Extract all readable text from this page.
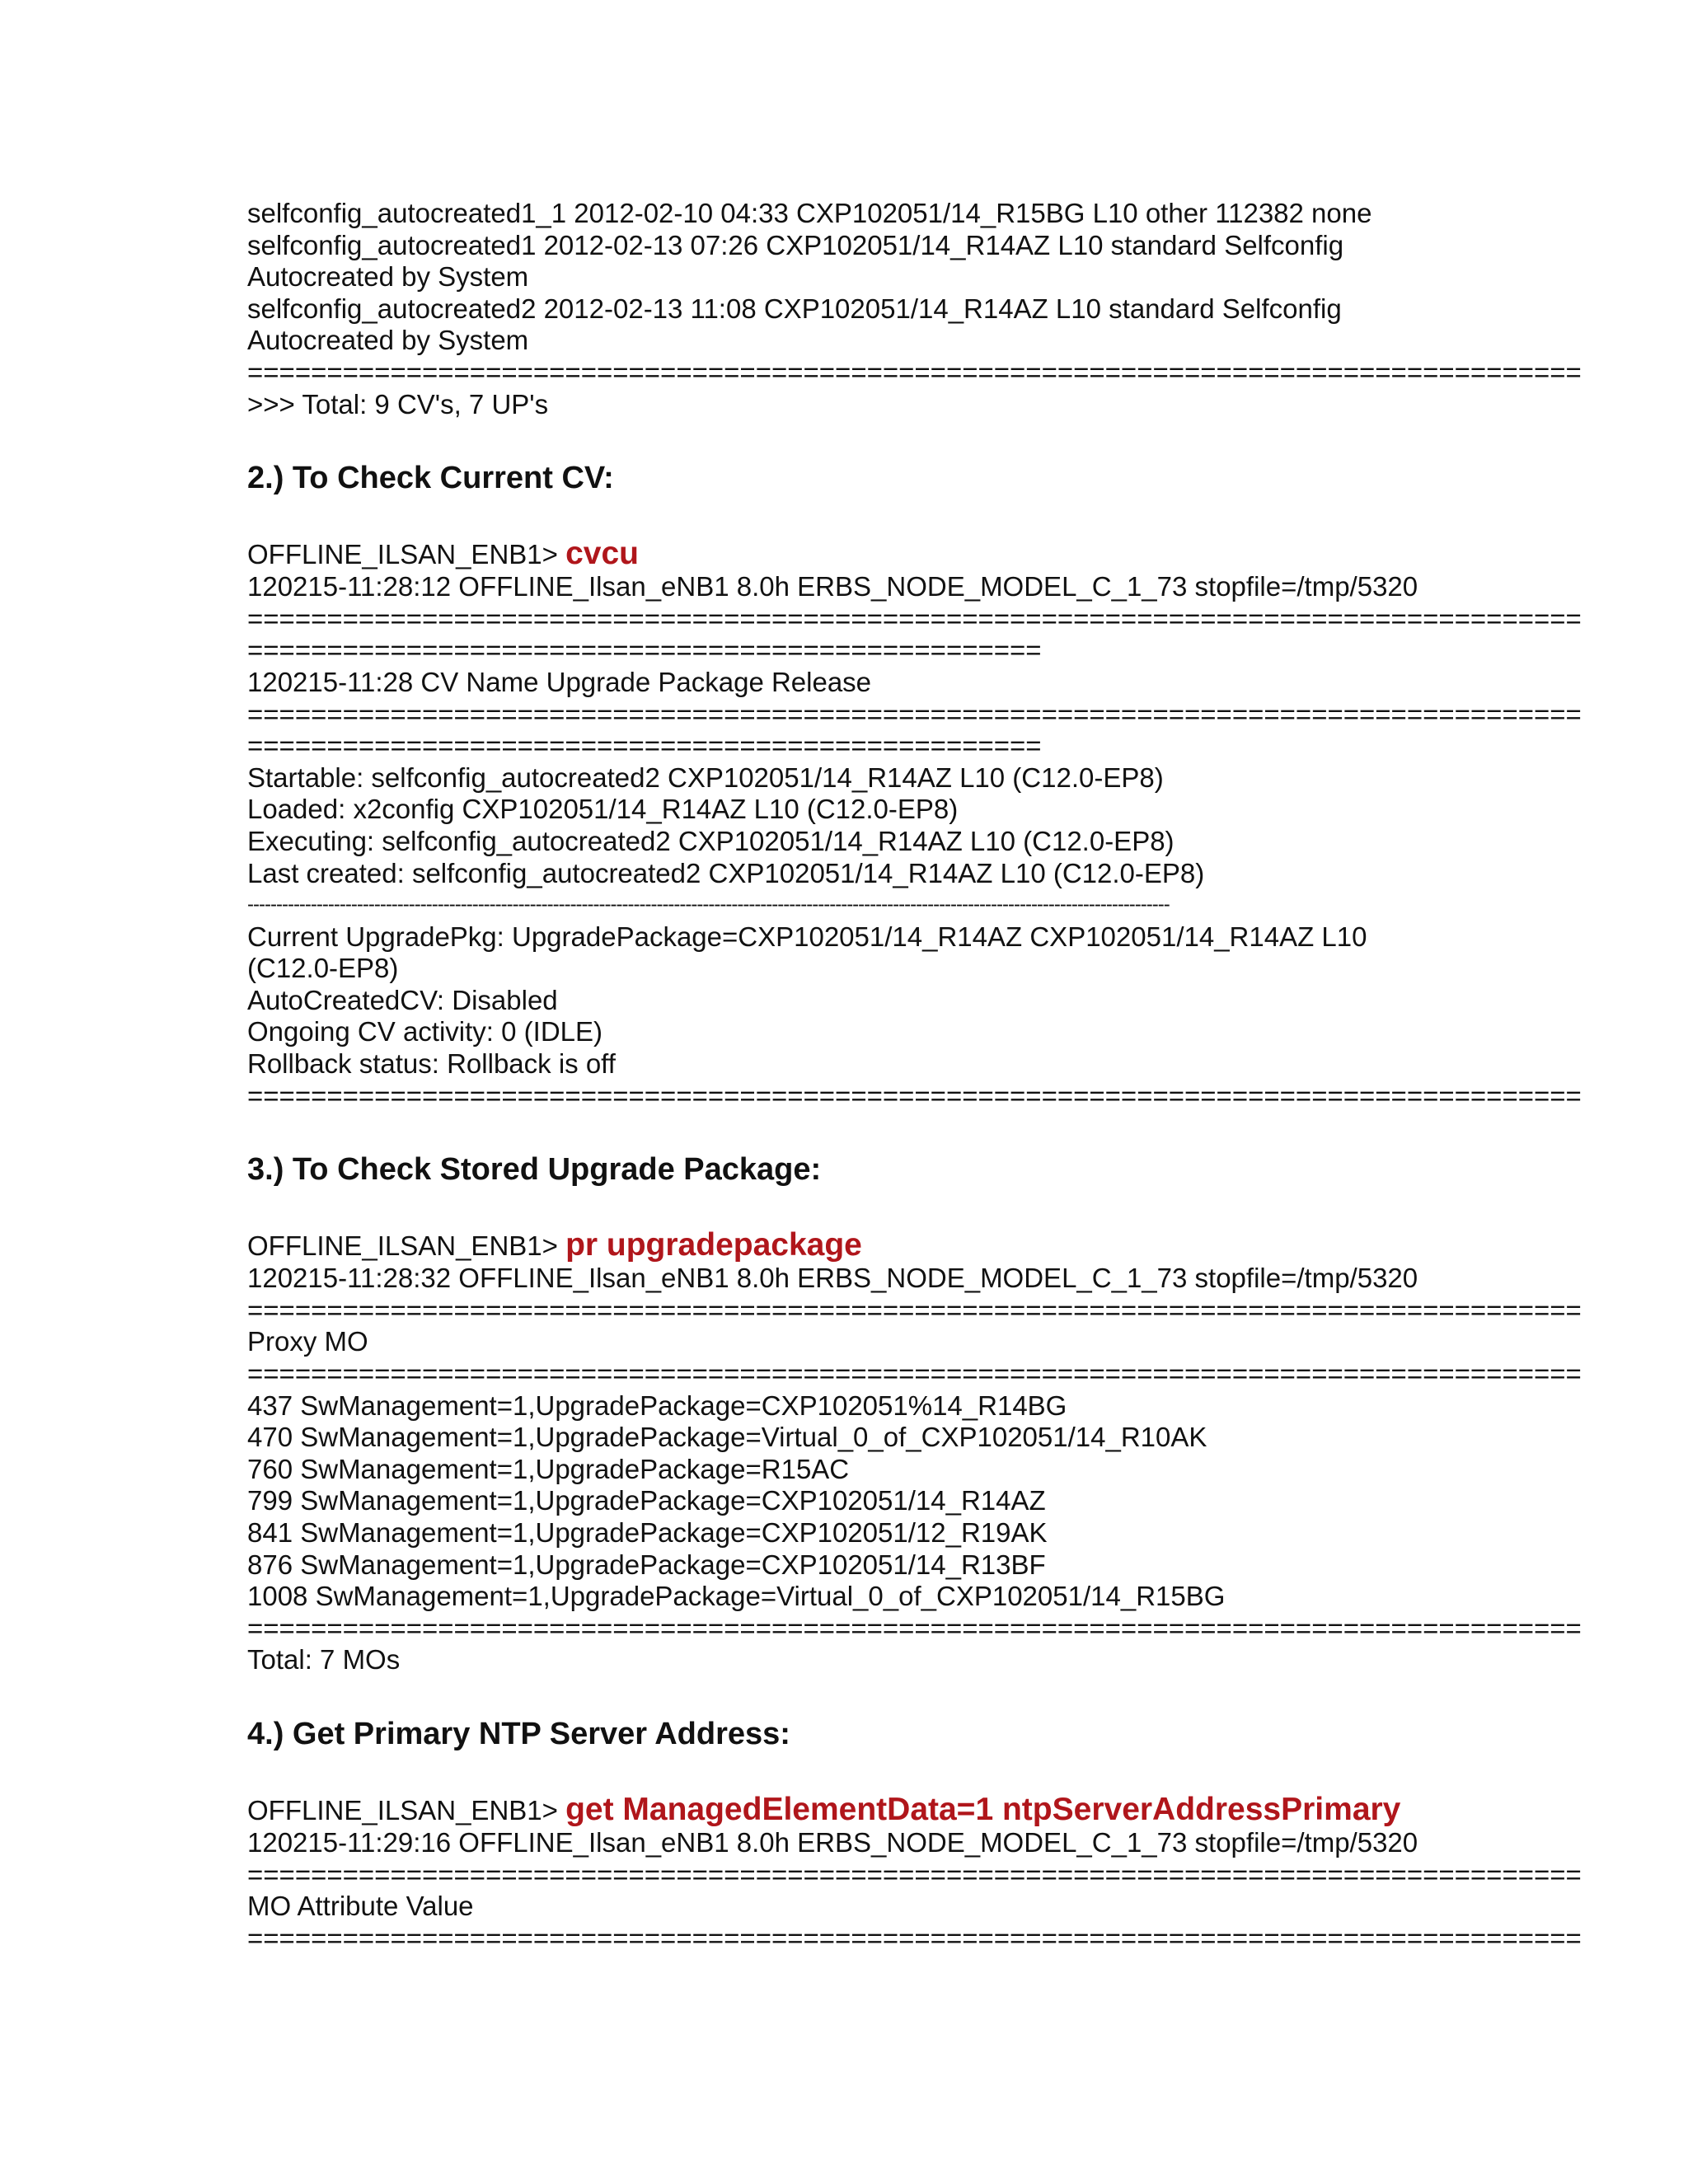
selfconfig_autocreated1_1 2012-02-10 04:33 CXP102051/14_R15BG L10 other 112382 none
selfconfig_autocreated1 2012-02-13 07:26 CXP102051/14_R14AZ L10 standard Selfconfig
Autocreated by System
selfconfig_autocreated2 2012-02-13 11:08 CXP102051/14_R14AZ L10 standard Selfconfig
Autocreated by System
====================================================================================
>>> Total: 9 CV's, 7 UP's
2.) To Check Current CV:
OFFLINE_ILSAN_ENB1> cvcu
120215-11:28:12 OFFLINE_Ilsan_eNB1 8.0h ERBS_NODE_MODEL_C_1_73 stopfile=/tmp/5320
====================================================================================
==================================================
120215-11:28 CV Name Upgrade Package Release
====================================================================================
==================================================
Startable: selfconfig_autocreated2 CXP102051/14_R14AZ L10 (C12.0-EP8)
Loaded: x2config CXP102051/14_R14AZ L10 (C12.0-EP8)
Executing: selfconfig_autocreated2 CXP102051/14_R14AZ L10 (C12.0-EP8)
Last created: selfconfig_autocreated2 CXP102051/14_R14AZ L10 (C12.0-EP8)
----------------------------------------------------------------------------------------------------------------------------------------------------------------
Current UpgradePkg: UpgradePackage=CXP102051/14_R14AZ CXP102051/14_R14AZ L10
(C12.0-EP8)
AutoCreatedCV: Disabled
Ongoing CV activity: 0 (IDLE)
Rollback status: Rollback is off
====================================================================================
3.) To Check Stored Upgrade Package:
OFFLINE_ILSAN_ENB1> pr upgradepackage
120215-11:28:32 OFFLINE_Ilsan_eNB1 8.0h ERBS_NODE_MODEL_C_1_73 stopfile=/tmp/5320
====================================================================================
Proxy MO
====================================================================================
437 SwManagement=1,UpgradePackage=CXP102051%14_R14BG
470 SwManagement=1,UpgradePackage=Virtual_0_of_CXP102051/14_R10AK
760 SwManagement=1,UpgradePackage=R15AC
799 SwManagement=1,UpgradePackage=CXP102051/14_R14AZ
841 SwManagement=1,UpgradePackage=CXP102051/12_R19AK
876 SwManagement=1,UpgradePackage=CXP102051/14_R13BF
1008 SwManagement=1,UpgradePackage=Virtual_0_of_CXP102051/14_R15BG
====================================================================================
Total: 7 MOs
4.) Get Primary NTP Server Address:
OFFLINE_ILSAN_ENB1> get ManagedElementData=1 ntpServerAddressPrimary
120215-11:29:16 OFFLINE_Ilsan_eNB1 8.0h ERBS_NODE_MODEL_C_1_73 stopfile=/tmp/5320
====================================================================================
MO Attribute Value
====================================================================================
